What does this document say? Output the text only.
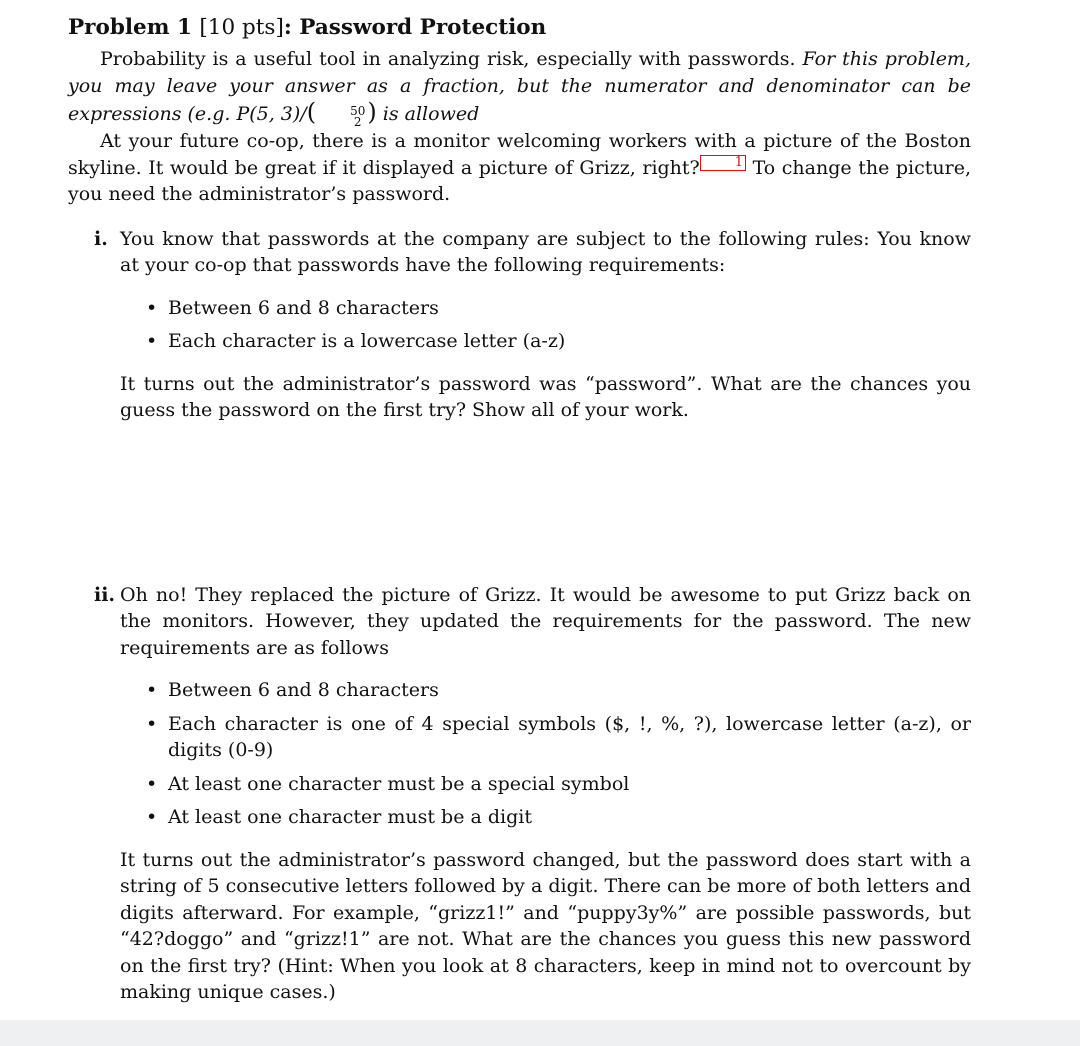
Problem 1 [10 pts]: Password Protection

Probability is a useful tool in analyzing risk, especially with passwords. For this problem, you may leave your answer as a fraction, but the numerator and denominator can be expressions (e.g. P(5, 3)/(	50
2 ) is allowed

At your future co-op, there is a monitor welcoming workers with a picture of the Boston skyline. It would be great if it displayed a picture of Grizz, right?	1 To change the picture, you need the administrator’s password.

i. You know that passwords at the company are subject to the following rules: You know at your co-op that passwords have the following requirements:
• Between 6 and 8 characters
• Each character is a lowercase letter (a-z)

It turns out the administrator’s password was “password”. What are the chances you guess the password on the first try? Show all of your work.

ii. Oh no! They replaced the picture of Grizz. It would be awesome to put Grizz back on the monitors. However, they updated the requirements for the password. The new requirements are as follows
• Between 6 and 8 characters
• Each character is one of 4 special symbols ($, !, %, ?), lowercase letter (a-z), or digits (0-9)
• At least one character must be a special symbol
• At least one character must be a digit

It turns out the administrator’s password changed, but the password does start with a string of 5 consecutive letters followed by a digit. There can be more of both letters and digits afterward. For example, “grizz1!” and “puppy3y%” are possible passwords, but “42?doggo” and “grizz!1” are not. What are the chances you guess this new password on the first try? (Hint: When you look at 8 characters, keep in mind not to overcount by making unique cases.)
